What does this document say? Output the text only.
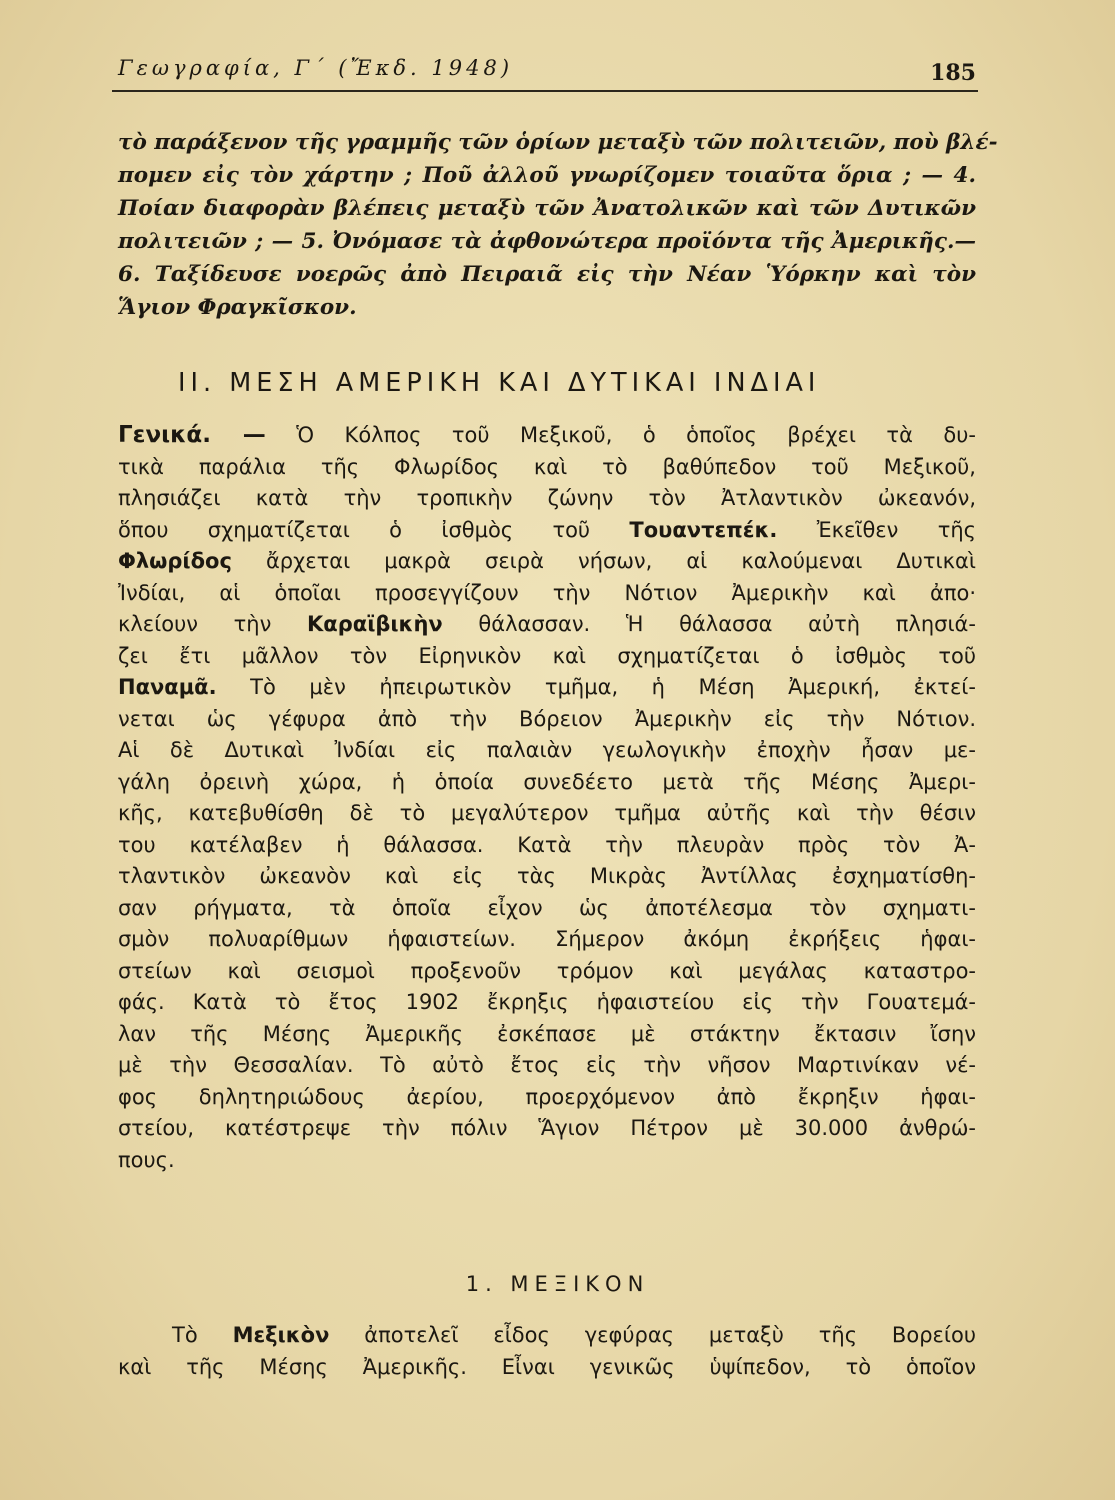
Γεωγραφία, Γ΄ (Ἔκδ. 1948)	185
τὸ παράξενον τῆς γραμμῆς τῶν ὁρίων μεταξὺ τῶν πολιτειῶν, ποὺ βλέ-
πομεν εἰς τὸν χάρτην ; Ποῦ ἀλλοῦ γνωρίζομεν τοιαῦτα ὅρια ; — 4.
Ποίαν διαφορὰν βλέπεις μεταξὺ τῶν Ἀνατολικῶν καὶ τῶν Δυτικῶν
πολιτειῶν ; — 5. Ὀνόμασε τὰ ἀφθονώτερα προϊόντα τῆς Ἀμερικῆς.—
6. Ταξίδευσε νοερῶς ἀπὸ Πειραιᾶ εἰς τὴν Νέαν Ὑόρκην καὶ τὸν
Ἅγιον Φραγκῖσκον.
ΙΙ. ΜΕΣΗ ΑΜΕΡΙΚΗ ΚΑΙ ΔΥΤΙΚΑΙ ΙΝΔΙΑΙ
Γενικά. — Ὁ Κόλπος τοῦ Μεξικοῦ, ὁ ὁποῖος βρέχει τὰ δυ-
τικὰ παράλια τῆς Φλωρίδος καὶ τὸ βαθύπεδον τοῦ Μεξικοῦ,
πλησιάζει κατὰ τὴν τροπικὴν ζώνην τὸν Ἀτλαντικὸν ὠκεανόν,
ὅπου σχηματίζεται ὁ ἰσθμὸς τοῦ Τουαντεπέκ. Ἐκεῖθεν τῆς
Φλωρίδος ἄρχεται μακρὰ σειρὰ νήσων, αἱ καλούμεναι Δυτικαὶ
Ἰνδίαι, αἱ ὁποῖαι προσεγγίζουν τὴν Νότιον Ἀμερικὴν καὶ ἀπο·
κλείουν τὴν Καραϊβικὴν θάλασσαν. Ἡ θάλασσα αὐτὴ πλησιά-
ζει ἔτι μᾶλλον τὸν Εἰρηνικὸν καὶ σχηματίζεται ὁ ἰσθμὸς τοῦ
Παναμᾶ. Τὸ μὲν ἠπειρωτικὸν τμῆμα, ἡ Μέση Ἀμερική, ἐκτεί-
νεται ὡς γέφυρα ἀπὸ τὴν Βόρειον Ἀμερικὴν εἰς τὴν Νότιον.
Αἱ δὲ Δυτικαὶ Ἰνδίαι εἰς παλαιὰν γεωλογικὴν ἐποχὴν ἦσαν με-
γάλη ὀρεινὴ χώρα, ἡ ὁποία συνεδέετο μετὰ τῆς Μέσης Ἀμερι-
κῆς, κατεβυθίσθη δὲ τὸ μεγαλύτερον τμῆμα αὐτῆς καὶ τὴν θέσιν
του κατέλαβεν ἡ θάλασσα. Κατὰ τὴν πλευρὰν πρὸς τὸν Ἀ-
τλαντικὸν ὠκεανὸν καὶ εἰς τὰς Μικρὰς Ἀντίλλας ἐσχηματίσθη-
σαν ρήγματα, τὰ ὁποῖα εἶχον ὡς ἀποτέλεσμα τὸν σχηματι-
σμὸν πολυαρίθμων ἡφαιστείων. Σήμερον ἀκόμη ἐκρήξεις ἡφαι-
στείων καὶ σεισμοὶ προξενοῦν τρόμον καὶ μεγάλας καταστρο-
φάς. Κατὰ τὸ ἔτος 1902 ἔκρηξις ἡφαιστείου εἰς τὴν Γουατεμά-
λαν τῆς Μέσης Ἀμερικῆς ἐσκέπασε μὲ στάκτην ἔκτασιν ἴσην
μὲ τὴν Θεσσαλίαν. Τὸ αὐτὸ ἔτος εἰς τὴν νῆσον Μαρτινίκαν νέ-
φος δηλητηριώδους ἀερίου, προερχόμενον ἀπὸ ἔκρηξιν ἡφαι-
στείου, κατέστρεψε τὴν πόλιν Ἅγιον Πέτρον μὲ 30.000 ἀνθρώ-
πους.
1. ΜΕΞΙΚΟΝ
Τὸ Μεξικὸν ἀποτελεῖ εἶδος γεφύρας μεταξὺ τῆς Βορείου
καὶ τῆς Μέσης Ἀμερικῆς. Εἶναι γενικῶς ὑψίπεδον, τὸ ὁποῖον
